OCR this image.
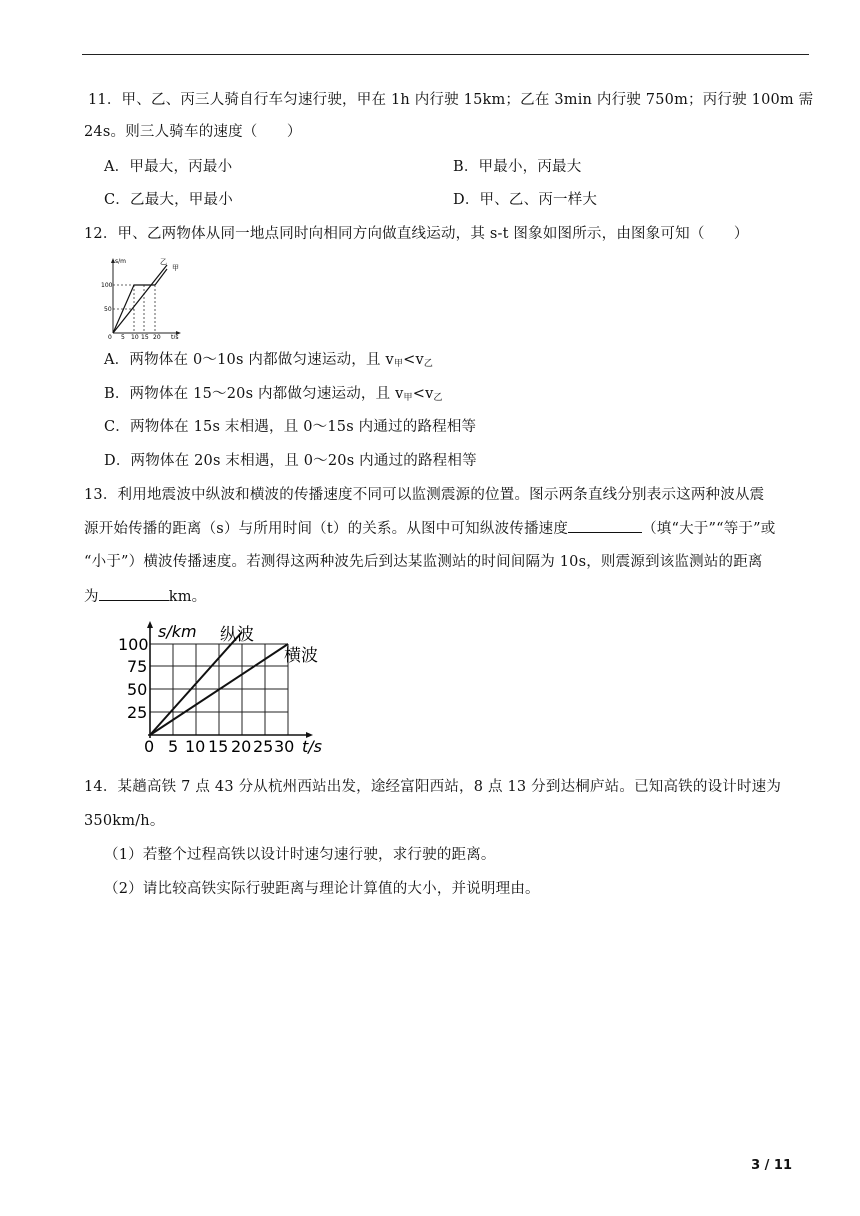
11．甲、乙、丙三人骑自行车匀速行驶，甲在 1h 内行驶 15km；乙在 3min 内行驶 750m；丙行驶 100m 需
24s。则三人骑车的速度（　　）
A．甲最大，丙最小	B．甲最小，丙最大
C．乙最大，甲最小	D．甲、乙、丙一样大
12．甲、乙两物体从同一地点同时向相同方向做直线运动，其 s-t 图象如图所示，由图象可知（　　）
s/m
100
50
0 5 10 15 20 t/s
乙
甲
A．两物体在 0～10s 内都做匀速运动，且 $v_甲<v_乙$
B．两物体在 15～20s 内都做匀速运动，且 $v_甲<v_乙$
C．两物体在 15s 末相遇，且 0～15s 内通过的路程相等
D．两物体在 20s 末相遇，且 0～20s 内通过的路程相等
13．利用地震波中纵波和横波的传播速度不同可以监测震源的位置。图示两条直线分别表示这两种波从震
源开始传播的距离（s）与所用时间（t）的关系。从图中可知纵波传播速度	（填“大于”“等于”或
“小于”）横波传播速度。若测得这两种波先后到达某监测站的时间间隔为 10s，则震源到该监测站的距离
为	km。
s/km 纵波
横波
100
75
50
25
0 5 10 15 20 25 30 t/s
14．某趟高铁 7 点 43 分从杭州西站出发，途经富阳西站，8 点 13 分到达桐庐站。已知高铁的设计时速为
350km/h。
（1）若整个过程高铁以设计时速匀速行驶，求行驶的距离。
（2）请比较高铁实际行驶距离与理论计算值的大小，并说明理由。
3 / 11
